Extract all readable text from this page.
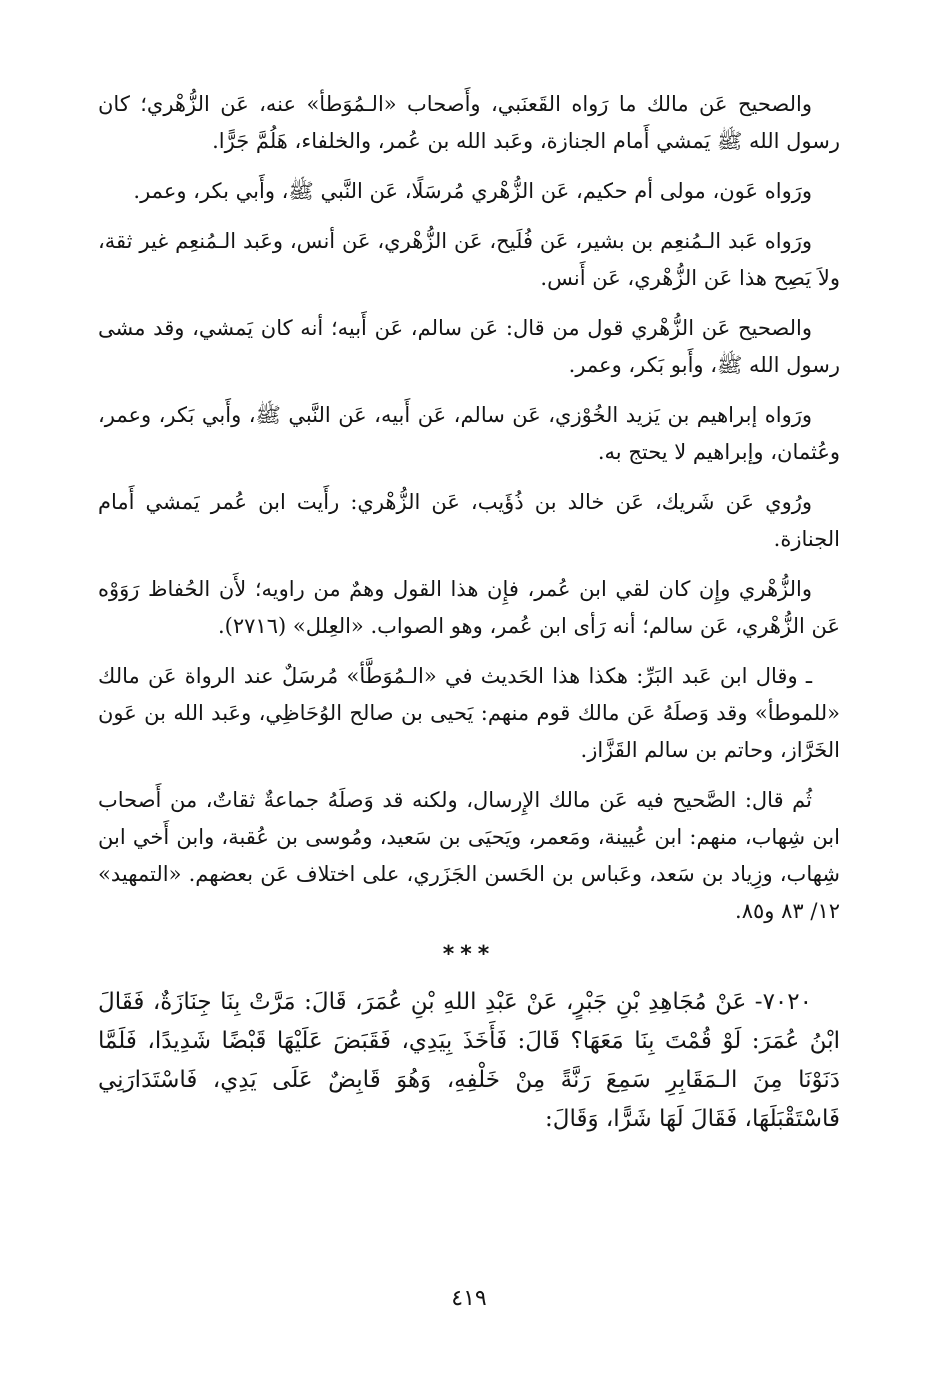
والصحيح عَن مالك ما رَواه القَعنَبي، وأَصحاب «الـمُوَطأ» عنه، عَن الزُّهْري؛ كان رسول الله ﷺ يَمشي أَمام الجنازة، وعَبد الله بن عُمر، والخلفاء، هَلُمَّ جَرًّا.

ورَواه عَون، مولى أم حكيم، عَن الزُّهْري مُرسَلًا، عَن النَّبي ﷺ، وأَبي بكر، وعمر.

ورَواه عَبد الـمُنعِم بن بشير، عَن فُلَيح، عَن الزُّهْري، عَن أنس، وعَبد الـمُنعِم غير ثقة، ولاَ يَصِح هذا عَن الزُّهْري، عَن أَنس.

والصحيح عَن الزُّهْري قول من قال: عَن سالم، عَن أَبيه؛ أنه كان يَمشي، وقد مشى رسول الله ﷺ، وأَبو بَكر، وعمر.

ورَواه إبراهيم بن يَزيد الخُوْزي، عَن سالم، عَن أَبيه، عَن النَّبي ﷺ، وأَبي بَكر، وعمر، وعُثمان، وإبراهيم لا يحتج به.

ورُوي عَن شَريك، عَن خالد بن ذُؤَيب، عَن الزُّهْري: رأَيت ابن عُمر يَمشي أَمام الجنازة.

والزُّهْري وإِن كان لقي ابن عُمر، فإِن هذا القول وهمٌ من راويه؛ لأَن الحُفاظ رَوَوْه عَن الزُّهْري، عَن سالم؛ أنه رَأى ابن عُمر، وهو الصواب. «العِلل» (٢٧١٦).

ـ وقال ابن عَبد البَرِّ: هكذا هذا الحَديث في «الـمُوَطَّأ» مُرسَلٌ عند الرواة عَن مالك «للموطأ» وقد وَصلَهُ عَن مالك قوم منهم: يَحيى بن صالح الوُحَاظِي، وعَبد الله بن عَون الخَرَّاز، وحاتم بن سالم القَزَّاز.

ثُم قال: الصَّحيح فيه عَن مالك الإِرسال، ولكنه قد وَصلَهُ جماعةٌ ثقاتٌ، من أَصحاب ابن شِهاب، منهم: ابن عُيينة، ومَعمر، ويَحيَى بن سَعيد، ومُوسى بن عُقبة، وابن أَخي ابن شِهاب، وزِياد بن سَعد، وعَباس بن الحَسن الجَزَري، على اختلاف عَن بعضهم. «التمهيد» ١٢/ ٨٣ و٨٥.

***

٧٠٢٠- عَنْ مُجَاهِدِ بْنِ جَبْرٍ، عَنْ عَبْدِ اللهِ بْنِ عُمَرَ، قَالَ: مَرَّتْ بِنَا جِنَازَةٌ، فَقَالَ ابْنُ عُمَرَ: لَوْ قُمْتَ بِنَا مَعَهَا؟ قَالَ: فَأَخَذَ بِيَدِي، فَقَبَضَ عَلَيْهَا قَبْضًا شَدِيدًا، فَلَمَّا دَنَوْنَا مِنَ الـمَقَابِرِ سَمِعَ رَنَّةً مِنْ خَلْفِهِ، وَهُوَ قَابِضٌ عَلَى يَدِي، فَاسْتَدَارَنِي فَاسْتَقْبَلَهَا، فَقَالَ لَهَا شَرًّا، وَقَالَ:

٤١٩
